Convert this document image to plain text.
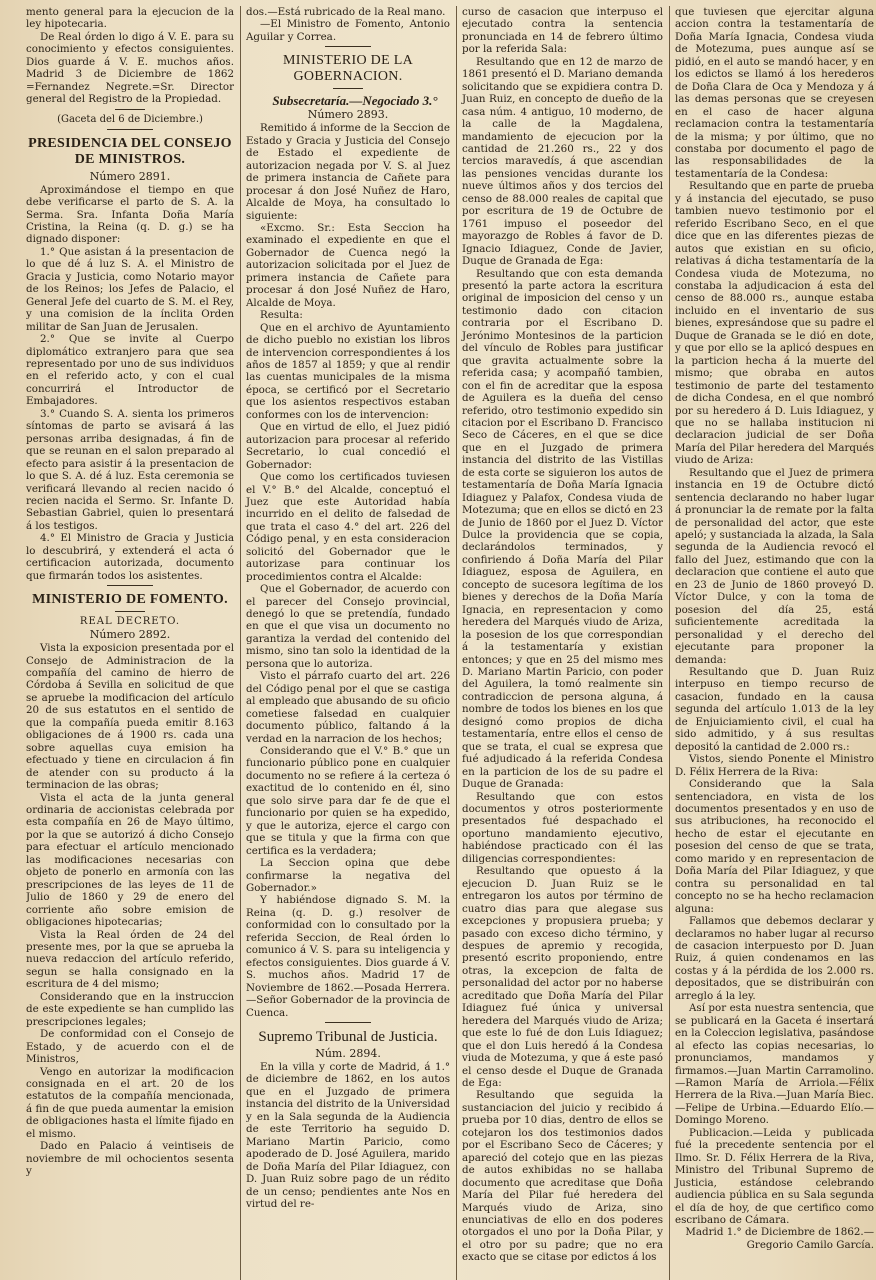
mento general para la ejecucion de la ley hipotecaria.

De Real órden lo digo á V. E. para su conocimiento y efectos consiguientes. Dios guarde á V. E. muchos años. Madrid 3 de Diciembre de 1862 =Fernandez Negrete.=Sr. Director general del Registro de la Propiedad.

(Gaceta del 6 de Diciembre.)

PRESIDENCIA DEL CONSEJO DE MINISTROS.

Número 2891.

Aproximándose el tiempo en que debe verificarse el parto de S. A. la Serma. Sra. Infanta Doña María Cristina, la Reina (q. D. g.) se ha dignado disponer:

1.° Que asistan á la presentacion de lo que dé á luz S. A. el Ministro de Gracia y Justicia, como Notario mayor de los Reinos; los Jefes de Palacio, el General Jefe del cuarto de S. M. el Rey, y una comision de la ínclita Orden militar de San Juan de Jerusalen.

2.° Que se invite al Cuerpo diplomático extranjero para que sea representado por uno de sus individuos en el referido acto, y con el cual concurrirá el Introductor de Embajadores.

3.° Cuando S. A. sienta los primeros síntomas de parto se avisará á las personas arriba designadas, á fin de que se reunan en el salon preparado al efecto para asistir á la presentacion de lo que S. A. dé á luz. Esta ceremonia se verificará llevando al recien nacido ó recien nacida el Sermo. Sr. Infante D. Sebastian Gabriel, quien lo presentará á los testigos.

4.° El Ministro de Gracia y Justicia lo descubrirá, y extenderá el acta ó certificacion autorizada, documento que firmarán todos los asistentes.

MINISTERIO DE FOMENTO.

REAL DECRETO.

Número 2892.

Vista la exposicion presentada por el Consejo de Administracion de la compañía del camino de hierro de Córdoba á Sevilla en solicitud de que se apruebe la modificacion del artículo 20 de sus estatutos en el sentido de que la compañía pueda emitir 8.163 obligaciones de á 1900 rs. cada una sobre aquellas cuya emision ha efectuado y tiene en circulacion á fin de atender con su producto á la terminacion de las obras;

Vista el acta de la junta general ordinaria de accionistas celebrada por esta compañía en 26 de Mayo último, por la que se autorizó á dicho Consejo para efectuar el artículo mencionado las modificaciones necesarias con objeto de ponerlo en armonía con las prescripciones de las leyes de 11 de Julio de 1860 y 29 de enero del corriente año sobre emision de obligaciones hipotecarias;

Vista la Real órden de 24 del presente mes, por la que se aprueba la nueva redaccion del artículo referido, segun se halla consignado en la escritura de 4 del mismo;

Considerando que en la instruccion de este expediente se han cumplido las prescripciones legales;

De conformidad con el Consejo de Estado, y de acuerdo con el de Ministros,

Vengo en autorizar la modificacion consignada en el art. 20 de los estatutos de la compañía mencionada, á fin de que pueda aumentar la emision de obligaciones hasta el límite fijado en el mismo.

Dado en Palacio á veintiseis de noviembre de mil ochocientos sesenta y

dos.—Está rubricado de la Real mano.

—El Ministro de Fomento, Antonio Aguilar y Correa.

MINISTERIO DE LA GOBERNACION.

Subsecretaría.—Negociado 3.°

Número 2893.

Remitido á informe de la Seccion de Estado y Gracia y Justicia del Consejo de Estado el expediente de autorizacion negada por V. S. al Juez de primera instancia de Cañete para procesar á don José Nuñez de Haro, Alcalde de Moya, ha consultado lo siguiente:

«Excmo. Sr.: Esta Seccion ha examinado el expediente en que el Gobernador de Cuenca negó la autorizacion solicitada por el Juez de primera instancia de Cañete para procesar á don José Nuñez de Haro, Alcalde de Moya.

Resulta:

Que en el archivo de Ayuntamiento de dicho pueblo no existian los libros de intervencion correspondientes á los años de 1857 al 1859; y que al rendir las cuentas municipales de la misma época, se certificó por el Secretario que los asientos respectivos estaban conformes con los de intervencion:

Que en virtud de ello, el Juez pidió autorizacion para procesar al referido Secretario, lo cual concedió el Gobernador:

Que como los certificados tuviesen el V.° B.° del Alcalde, conceptuó el Juez que este Autoridad había incurrido en el delito de falsedad de que trata el caso 4.° del art. 226 del Código penal, y en esta consideracion solicitó del Gobernador que le autorizase para continuar los procedimientos contra el Alcalde:

Que el Gobernador, de acuerdo con el parecer del Consejo provincial, denegó lo que se pretendía, fundado en que el que visa un documento no garantiza la verdad del contenido del mismo, sino tan solo la identidad de la persona que lo autoriza.

Visto el párrafo cuarto del art. 226 del Código penal por el que se castiga al empleado que abusando de su oficio cometiese falsedad en cualquier documento público, faltando á la verdad en la narracion de los hechos;

Considerando que el V.° B.° que un funcionario público pone en cualquier documento no se refiere á la certeza ó exactitud de lo contenido en él, sino que solo sirve para dar fe de que el funcionario por quien se ha expedido, y que le autoriza, ejerce el cargo con que se titula y que la firma con que certifica es la verdadera;

La Seccion opina que debe confirmarse la negativa del Gobernador.»

Y habiéndose dignado S. M. la Reina (q. D. g.) resolver de conformidad con lo consultado por la referida Seccion, de Real órden lo comunico á V. S. para su inteligencia y efectos consiguientes. Dios guarde á V. S. muchos años. Madrid 17 de Noviembre de 1862.—Posada Herrera.—Señor Gobernador de la provincia de Cuenca.

Supremo Tribunal de Justicia.

Núm. 2894.

En la villa y corte de Madrid, á 1.° de diciembre de 1862, en los autos que en el Juzgado de primera instancia del distrito de la Universidad y en la Sala segunda de la Audiencia de este Territorio ha seguido D. Mariano Martin Paricio, como apoderado de D. José Aguilera, marido de Doña María del Pilar Idiaguez, con D. Juan Ruiz sobre pago de un rédito de un censo; pendientes ante Nos en virtud del re-

curso de casacion que interpuso el ejecutado contra la sentencia pronunciada en 14 de febrero último por la referida Sala:

Resultando que en 12 de marzo de 1861 presentó el D. Mariano demanda solicitando que se expidiera contra D. Juan Ruiz, en concepto de dueño de la casa núm. 4 antiguo, 10 moderno, de la calle de la Magdalena, mandamiento de ejecucion por la cantidad de 21.260 rs., 22 y dos tercios maravedís, á que ascendian las pensiones vencidas durante los nueve últimos años y dos tercios del censo de 88.000 reales de capital que por escritura de 19 de Octubre de 1761 impuso el poseedor del mayorazgo de Robles á favor de D. Ignacio Idiaguez, Conde de Javier, Duque de Granada de Ega:

Resultando que con esta demanda presentó la parte actora la escritura original de imposicion del censo y un testimonio dado con citacion contraria por el Escribano D. Jerónimo Montesinos de la particion del vínculo de Robles para justificar que gravita actualmente sobre la referida casa; y acompañó tambien, con el fin de acreditar que la esposa de Aguilera es la dueña del censo referido, otro testimonio expedido sin citacion por el Escribano D. Francisco Seco de Cáceres, en el que se dice que en el Juzgado de primera instancia del distrito de las Vistillas de esta corte se siguieron los autos de testamentaría de Doña María Ignacia Idiaguez y Palafox, Condesa viuda de Motezuma; que en ellos se dictó en 23 de Junio de 1860 por el Juez D. Víctor Dulce la providencia que se copia, declarándolos terminados, y confiriendo á Doña María del Pilar Idiaguez, esposa de Aguilera, en concepto de sucesora legítima de los bienes y derechos de la Doña María Ignacia, en representacion y como heredera del Marqués viudo de Ariza, la posesion de los que correspondian á la testamentaría y existian entonces; y que en 25 del mismo mes D. Mariano Martin Paricio, con poder del Aguilera, la tomó realmente sin contradiccion de persona alguna, á nombre de todos los bienes en los que designó como propios de dicha testamentaría, entre ellos el censo de que se trata, el cual se expresa que fué adjudicado á la referida Condesa en la particion de los de su padre el Duque de Granada:

Resultando que con estos documentos y otros posteriormente presentados fué despachado el oportuno mandamiento ejecutivo, habiéndose practicado con él las diligencias correspondientes:

Resultando que opuesto á la ejecucion D. Juan Ruiz se le entregaron los autos por término de cuatro dias para que alegase sus excepciones y propusiera prueba; y pasado con exceso dicho término, y despues de apremio y recogida, presentó escrito proponiendo, entre otras, la excepcion de falta de personalidad del actor por no haberse acreditado que Doña María del Pilar Idiaguez fué única y universal heredera del Marqués viudo de Ariza; que este lo fué de don Luis Idiaguez; que el don Luis heredó á la Condesa viuda de Motezuma, y que á este pasó el censo desde el Duque de Granada de Ega:

Resultando que seguida la sustanciacion del juicio y recibido á prueba por 10 dias, dentro de ellos se cotejaron los dos testimonios dados por el Escribano Seco de Cáceres; y apareció del cotejo que en las piezas de autos exhibidas no se hallaba documento que acreditase que Doña María del Pilar fué heredera del Marqués viudo de Ariza, sino enunciativas de ello en dos poderes otorgados el uno por la Doña Pilar, y el otro por su padre; que no era exacto que se citase por edictos á los

que tuviesen que ejercitar alguna accion contra la testamentaría de Doña María Ignacia, Condesa viuda de Motezuma, pues aunque así se pidió, en el auto se mandó hacer, y en los edictos se llamó á los herederos de Doña Clara de Oca y Mendoza y á las demas personas que se creyesen en el caso de hacer alguna reclamacion contra la testamentaría de la misma; y por último, que no constaba por documento el pago de las responsabilidades de la testamentaría de la Condesa:

Resultando que en parte de prueba y á instancia del ejecutado, se puso tambien nuevo testimonio por el referido Escribano Seco, en el que dice que en las diferentes piezas de autos que existian en su oficio, relativas á dicha testamentaría de la Condesa viuda de Motezuma, no constaba la adjudicacion á esta del censo de 88.000 rs., aunque estaba incluido en el inventario de sus bienes, expresándose que su padre el Duque de Granada se le dió en dote, y que por ello se la aplicó despues en la particion hecha á la muerte del mismo; que obraba en autos testimonio de parte del testamento de dicha Condesa, en el que nombró por su heredero á D. Luis Idiaguez, y que no se hallaba institucion ni declaracion judicial de ser Doña María del Pilar heredera del Marqués viudo de Ariza:

Resultando que el Juez de primera instancia en 19 de Octubre dictó sentencia declarando no haber lugar á pronunciar la de remate por la falta de personalidad del actor, que este apeló; y sustanciada la alzada, la Sala segunda de la Audiencia revocó el fallo del Juez, estimando que con la declaracion que contiene el auto que en 23 de Junio de 1860 proveyó D. Víctor Dulce, y con la toma de posesion del día 25, está suficientemente acreditada la personalidad y el derecho del ejecutante para proponer la demanda:

Resultando que D. Juan Ruiz interpuso en tiempo recurso de casacion, fundado en la causa segunda del artículo 1.013 de la ley de Enjuiciamiento civil, el cual ha sido admitido, y á sus resultas depositó la cantidad de 2.000 rs.:

Vistos, siendo Ponente el Ministro D. Félix Herrera de la Riva:

Considerando que la Sala sentenciadora, en vista de los documentos presentados y en uso de sus atribuciones, ha reconocido el hecho de estar el ejecutante en posesion del censo de que se trata, como marido y en representacion de Doña María del Pilar Idiaguez, y que contra su personalidad en tal concepto no se ha hecho reclamacion alguna:

Fallamos que debemos declarar y declaramos no haber lugar al recurso de casacion interpuesto por D. Juan Ruiz, á quien condenamos en las costas y á la pérdida de los 2.000 rs. depositados, que se distribuirán con arreglo á la ley.

Así por esta nuestra sentencia, que se publicará en la Gaceta é insertará en la Coleccion legislativa, pasándose al efecto las copias necesarias, lo pronunciamos, mandamos y firmamos.—Juan Martin Carramolino.—Ramon María de Arriola.—Félix Herrera de la Riva.—Juan María Biec.—Felipe de Urbina.—Eduardo Elío.—Domingo Moreno.

Publicacion.—Leida y publicada fué la precedente sentencia por el Ilmo. Sr. D. Félix Herrera de la Riva, Ministro del Tribunal Supremo de Justicia, estándose celebrando audiencia pública en su Sala segunda el día de hoy, de que certifico como escribano de Cámara.

Madrid 1.° de Diciembre de 1862.—Gregorio Camilo García.
